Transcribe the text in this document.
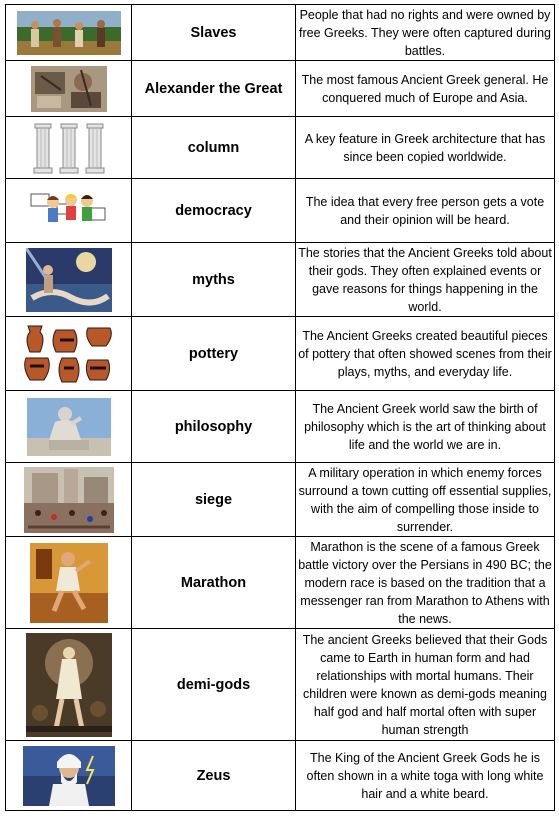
	Slaves	People that had no rights and were owned by free Greeks. They were often captured during battles.

	Alexander the Great	The most famous Ancient Greek general. He conquered much of Europe and Asia.

	column	A key feature in Greek architecture that has since been copied worldwide.

	democracy	The idea that every free person gets a vote and their opinion will be heard.

	myths	The stories that the Ancient Greeks told about their gods. They often explained events or gave reasons for things happening in the world.

	pottery	The Ancient Greeks created beautiful pieces of pottery that often showed scenes from their plays, myths, and everyday life.

	philosophy	The Ancient Greek world saw the birth of philosophy which is the art of thinking about life and the world we are in.

	siege	A military operation in which enemy forces surround a town cutting off essential supplies, with the aim of compelling those inside to surrender.

	Marathon	Marathon is the scene of a famous Greek battle victory over the Persians in 490 BC; the modern race is based on the tradition that a messenger ran from Marathon to Athens with the news.

	demi-gods	The ancient Greeks believed that their Gods came to Earth in human form and had relationships with mortal humans. Their children were known as demi-gods meaning half god and half mortal often with super human strength

	Zeus	The King of the Ancient Greek Gods he is often shown in a white toga with long white hair and a white beard.
